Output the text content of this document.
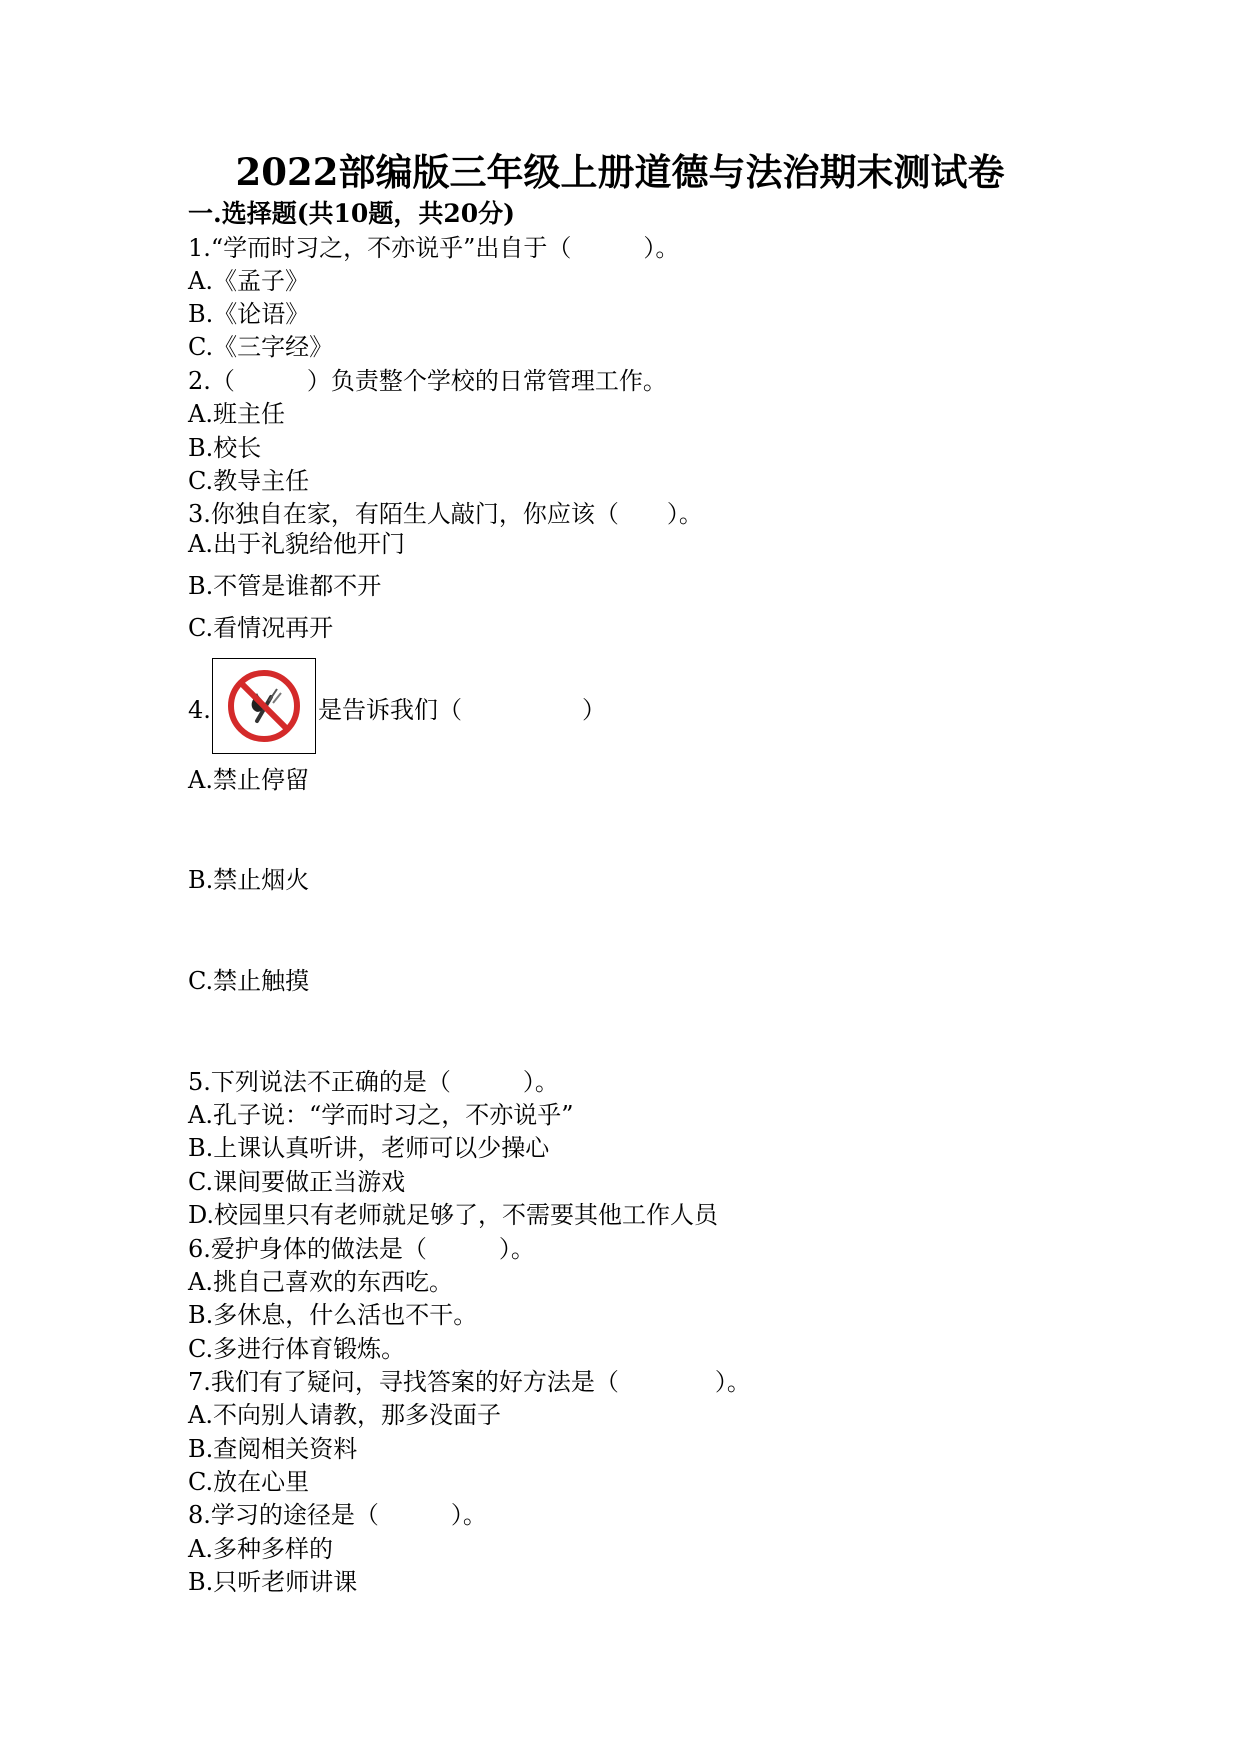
2022部编版三年级上册道德与法治期末测试卷
一.选择题(共10题，共20分)
1.“学而时习之，不亦说乎”出自于（　　　）。
A.《孟子》
B.《论语》
C.《三字经》
2.（　　　）负责整个学校的日常管理工作。
A.班主任
B.校长
C.教导主任
3.你独自在家，有陌生人敲门，你应该（　　）。
A.出于礼貌给他开门
B.不管是谁都不开
C.看情况再开
4.	是告诉我们（　　　　　）
A.禁止停留
B.禁止烟火
C.禁止触摸
5.下列说法不正确的是（　　　）。
A.孔子说：“学而时习之，不亦说乎”
B.上课认真听讲，老师可以少操心
C.课间要做正当游戏
D.校园里只有老师就足够了，不需要其他工作人员
6.爱护身体的做法是（　　　）。
A.挑自己喜欢的东西吃。
B.多休息，什么活也不干。
C.多进行体育锻炼。
7.我们有了疑问，寻找答案的好方法是（　　　　）。
A.不向别人请教，那多没面子
B.查阅相关资料
C.放在心里
8.学习的途径是（　　　）。
A.多种多样的
B.只听老师讲课
